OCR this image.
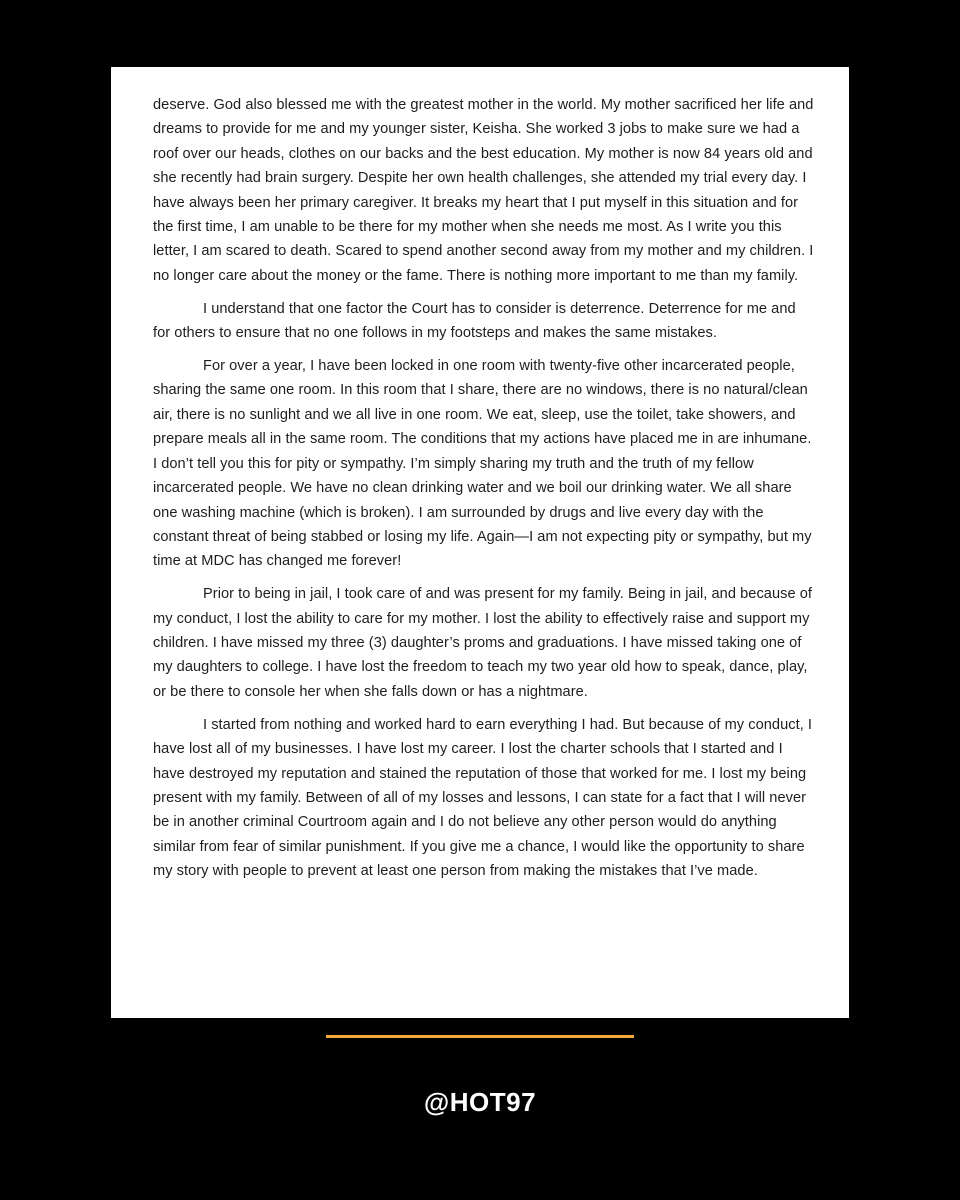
deserve. God also blessed me with the greatest mother in the world. My mother sacrificed her life and dreams to provide for me and my younger sister, Keisha. She worked 3 jobs to make sure we had a roof over our heads, clothes on our backs and the best education. My mother is now 84 years old and she recently had brain surgery. Despite her own health challenges, she attended my trial every day. I have always been her primary caregiver. It breaks my heart that I put myself in this situation and for the first time, I am unable to be there for my mother when she needs me most. As I write you this letter, I am scared to death. Scared to spend another second away from my mother and my children. I no longer care about the money or the fame. There is nothing more important to me than my family.

I understand that one factor the Court has to consider is deterrence. Deterrence for me and for others to ensure that no one follows in my footsteps and makes the same mistakes.

For over a year, I have been locked in one room with twenty-five other incarcerated people, sharing the same one room. In this room that I share, there are no windows, there is no natural/clean air, there is no sunlight and we all live in one room. We eat, sleep, use the toilet, take showers, and prepare meals all in the same room. The conditions that my actions have placed me in are inhumane. I don’t tell you this for pity or sympathy. I’m simply sharing my truth and the truth of my fellow incarcerated people. We have no clean drinking water and we boil our drinking water. We all share one washing machine (which is broken). I am surrounded by drugs and live every day with the constant threat of being stabbed or losing my life. Again—I am not expecting pity or sympathy, but my time at MDC has changed me forever!

Prior to being in jail, I took care of and was present for my family. Being in jail, and because of my conduct, I lost the ability to care for my mother. I lost the ability to effectively raise and support my children. I have missed my three (3) daughter’s proms and graduations. I have missed taking one of my daughters to college. I have lost the freedom to teach my two year old how to speak, dance, play, or be there to console her when she falls down or has a nightmare.

I started from nothing and worked hard to earn everything I had. But because of my conduct, I have lost all of my businesses. I have lost my career. I lost the charter schools that I started and I have destroyed my reputation and stained the reputation of those that worked for me. I lost my being present with my family. Between of all of my losses and lessons, I can state for a fact that I will never be in another criminal Courtroom again and I do not believe any other person would do anything similar from fear of similar punishment. If you give me a chance, I would like the opportunity to share my story with people to prevent at least one person from making the mistakes that I’ve made.

@HOT97
